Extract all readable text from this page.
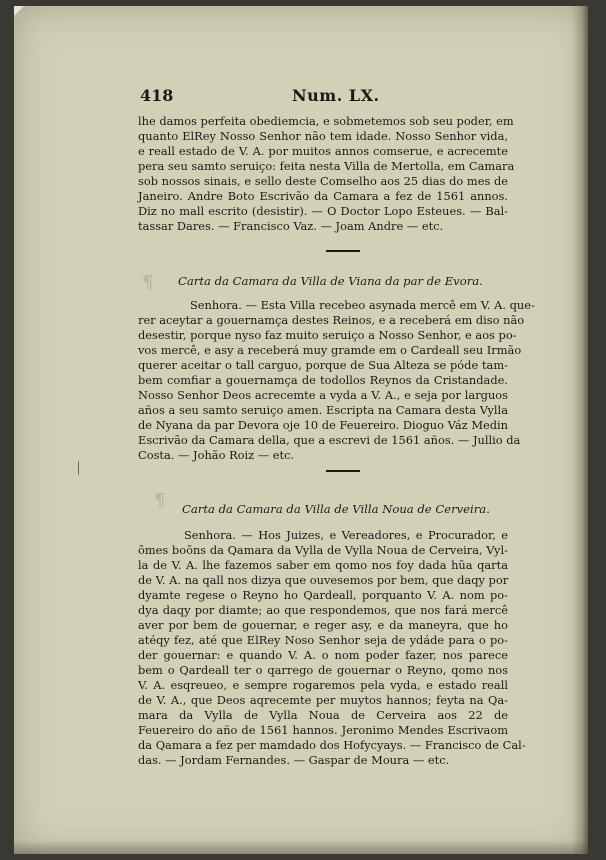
418	Num. LX.
lhe damos perfeita obediemcia, e sobmetemos sob seu poder, em
quanto ElRey Nosso Senhor não tem idade. Nosso Senhor vida,
e reall estado de V. A. por muitos annos comserue, e acrecemte
pera seu samto seruiço: feita nesta Villa de Mertolla, em Camara
sob nossos sinais, e sello deste Comselho aos 25 dias do mes de
Janeiro. Andre Boto Escrivão da Camara a fez de 1561 annos.
Diz no mall escrito (desistir). — O Doctor Lopo Esteues. — Bal-
tassar Dares. — Francisco Vaz. — Joam Andre — etc.
¶ Carta da Camara da Villa de Viana da par de Evora.
Senhora. — Esta Villa recebeo asynada mercê em V. A. que-
rer aceytar a gouernamça destes Reinos, e a receberá em diso não
desestir, porque nyso faz muito seruiço a Nosso Senhor, e aos po-
vos mercê, e asy a receberá muy gramde em o Cardeall seu Irmão
querer aceitar o tall carguo, porque de Sua Alteza se póde tam-
bem comfiar a gouernamça de todollos Reynos da Cristandade.
Nosso Senhor Deos acrecemte a vyda a V. A., e seja por larguos
años a seu samto seruiço amen. Escripta na Camara desta Vylla
de Nyana da par Devora oje 10 de Feuereiro. Dioguo Váz Medin
Escrivão da Camara della, que a escrevi de 1561 años. — Jullio da
Costa. — Johão Roiz — etc.
¶ Carta da Camara da Villa de Villa Noua de Cerveira.
Senhora. — Hos Juizes, e Vereadores, e Procurador, e
õmes boõns da Qamara da Vylla de Vylla Noua de Cerveira, Vyl-
la de V. A. lhe fazemos saber em qomo nos foy dada hũa qarta
de V. A. na qall nos dizya que ouvesemos por bem, que daqy por
dyamte regese o Reyno ho Qardeall, porquanto V. A. nom po-
dya daqy por diamte; ao que respondemos, que nos fará mercê
aver por bem de gouernar, e reger asy, e da maneyra, que ho
atéqy fez, até que ElRey Noso Senhor seja de ydáde para o po-
der gouernar: e quando V. A. o nom poder fazer, nos parece
bem o Qardeall ter o qarrego de gouernar o Reyno, qomo nos
V. A. esqreueo, e sempre rogaremos pela vyda, e estado reall
de V. A., que Deos aqrecemte per muytos hannos; feyta na Qa-
mara da Vylla de Vylla Noua de Cerveira aos 22 de
Feuereiro do año de 1561 hannos. Jeronimo Mendes Escrivaom
da Qamara a fez per mamdado dos Hofycyays. — Francisco de Cal-
das. — Jordam Fernandes. — Gaspar de Moura — etc.
